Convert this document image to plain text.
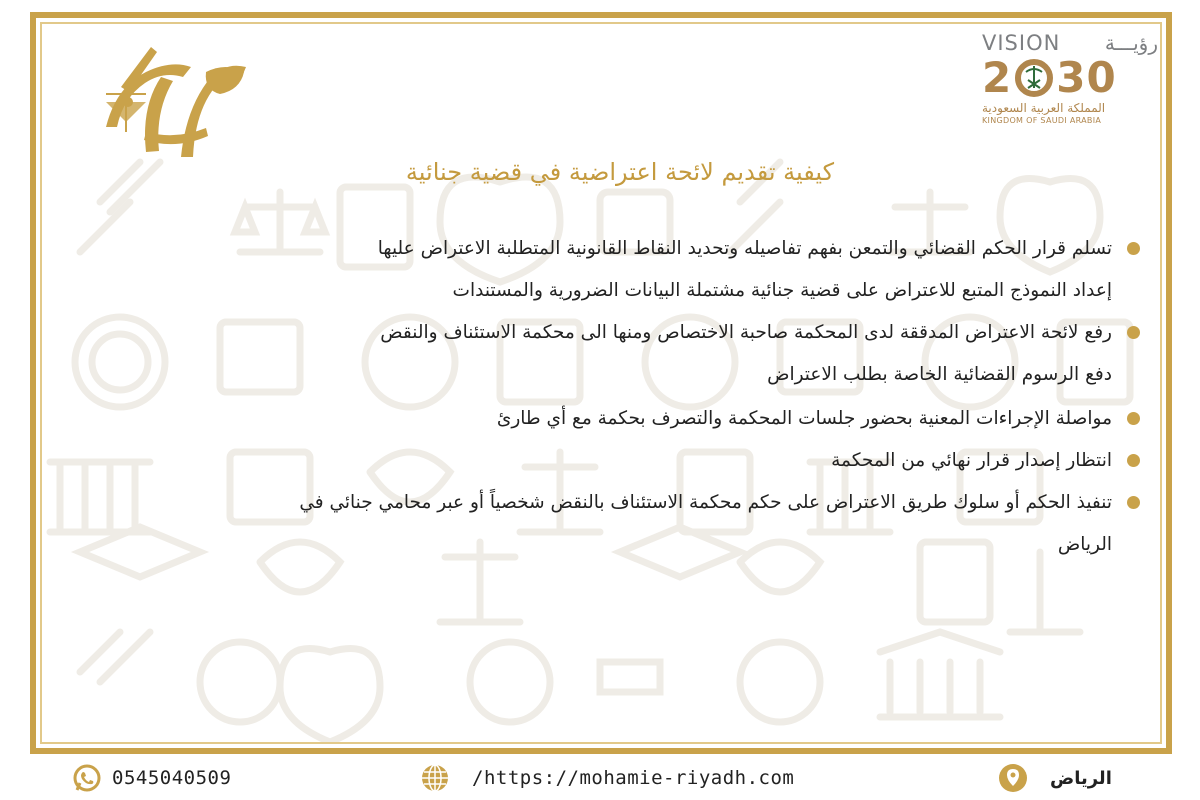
VISION رؤيـــة
2 30
المملكة العربية السعودية
KINGDOM OF SAUDI ARABIA
كيفية تقديم لائحة اعتراضية في قضية جنائية
تسلم قرار الحكم القضائي والتمعن بفهم تفاصيله وتحديد النقاط القانونية المتطلبة الاعتراض عليها
إعداد النموذج المتبع للاعتراض على قضية جنائية مشتملة البيانات الضرورية والمستندات
رفع لائحة الاعتراض المدققة لدى المحكمة صاحبة الاختصاص ومنها الى محكمة الاستئناف والنقض
دفع الرسوم القضائية الخاصة بطلب الاعتراض
مواصلة الإجراءات المعنية بحضور جلسات المحكمة والتصرف بحكمة مع أي طارئ
انتظار إصدار قرار نهائي من المحكمة
تنفيذ الحكم أو سلوك طريق الاعتراض على حكم محكمة الاستئناف بالنقض شخصياً أو عبر محامي جنائي في
الرياض
0545040509	/https://mohamie-riyadh.com	الرياض
